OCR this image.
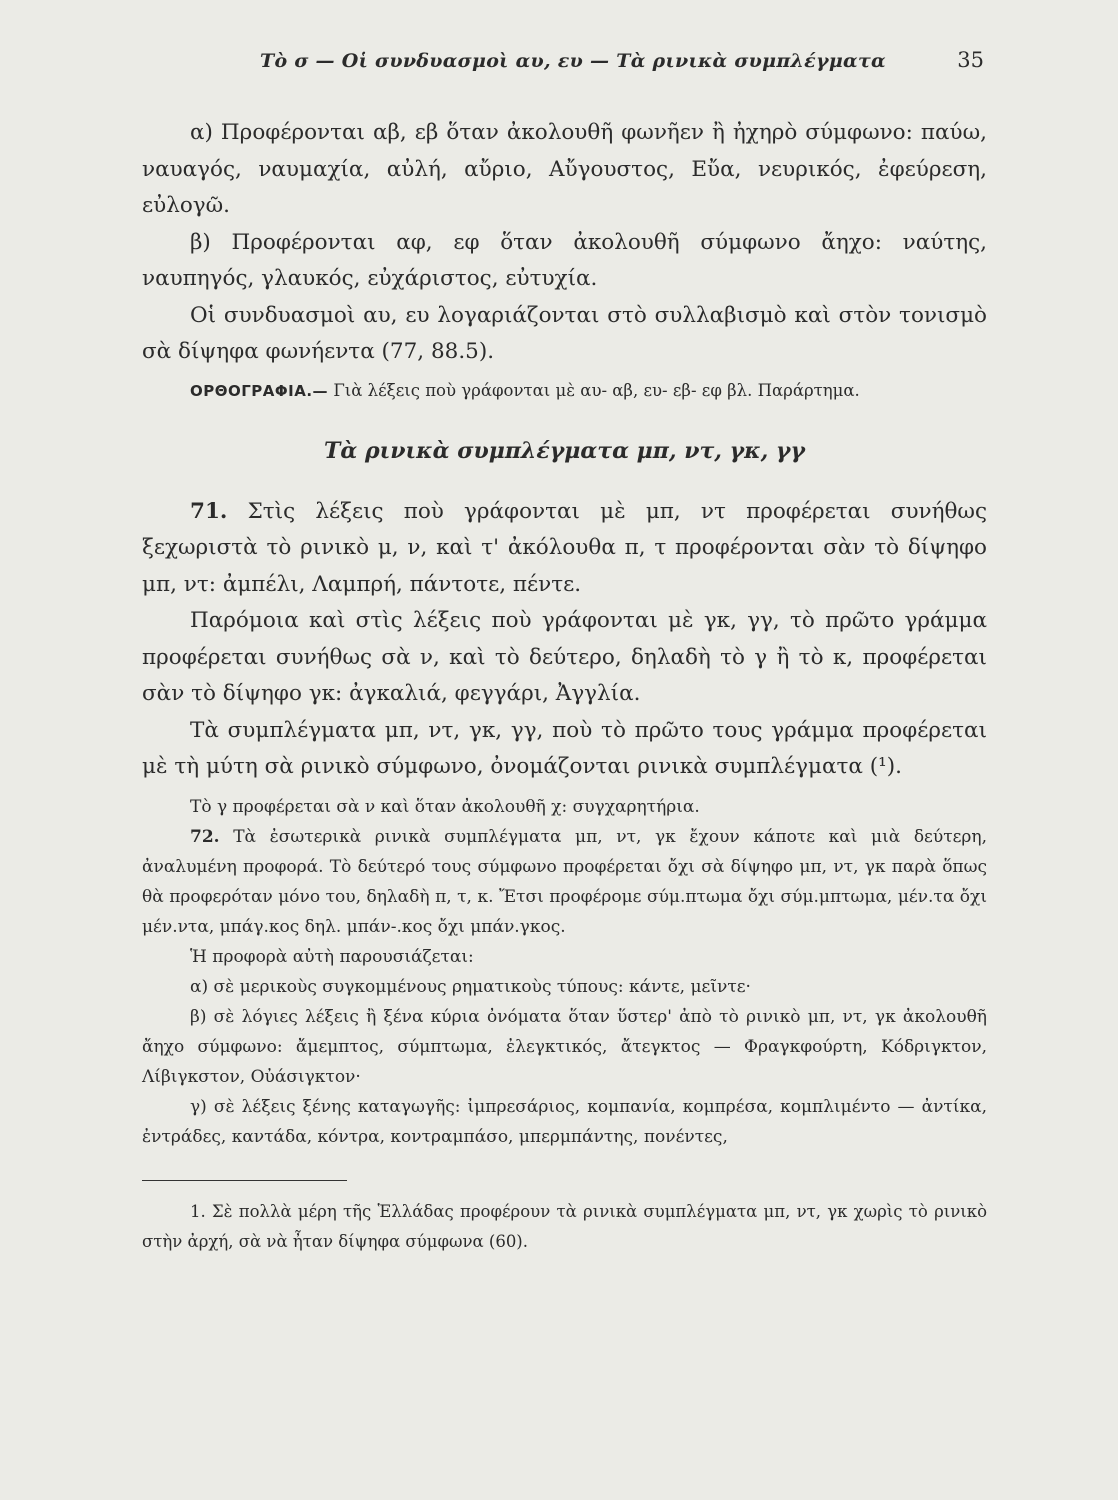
Τὸ σ — Οἱ συνδυασμοὶ αυ, ευ — Τὰ ρινικὰ συμπλέγματα	35

α) Προφέρονται αβ, εβ ὅταν ἀκολουθῆ φωνῆεν ἢ ἠχηρὸ σύμφωνο: παύω, ναυαγός, ναυμαχία, αὐλή, αὔριο, Αὔγουστος, Εὔα, νευρικός, ἐφεύρεση, εὐλογῶ.

β) Προφέρονται αφ, εφ ὅταν ἀκολουθῆ σύμφωνο ἄηχο: ναύτης, ναυπηγός, γλαυκός, εὐχάριστος, εὐτυχία.

Οἱ συνδυασμοὶ αυ, ευ λογαριάζονται στὸ συλλαβισμὸ καὶ στὸν τονισμὸ σὰ δίψηφα φωνήεντα (77, 88.5).

ΟΡΘΟΓΡΑΦΙΑ.— Γιὰ λέξεις ποὺ γράφονται μὲ αυ- αβ, ευ- εβ- εφ βλ. Παράρτημα.

Τὰ ρινικὰ συμπλέγματα μπ, ντ, γκ, γγ

71. Στὶς λέξεις ποὺ γράφονται μὲ μπ, ντ προφέρεται συνήθως ξεχωριστὰ τὸ ρινικὸ μ, ν, καὶ τ' ἀκόλουθα π, τ προφέρονται σὰν τὸ δίψηφο μπ, ντ: ἀμπέλι, Λαμπρή, πάντοτε, πέντε.

Παρόμοια καὶ στὶς λέξεις ποὺ γράφονται μὲ γκ, γγ, τὸ πρῶτο γράμμα προφέρεται συνήθως σὰ ν, καὶ τὸ δεύτερο, δηλαδὴ τὸ γ ἢ τὸ κ, προφέρεται σὰν τὸ δίψηφο γκ: ἀγκαλιά, φεγγάρι, Ἀγγλία.

Τὰ συμπλέγματα μπ, ντ, γκ, γγ, ποὺ τὸ πρῶτο τους γράμμα προφέρεται μὲ τὴ μύτη σὰ ρινικὸ σύμφωνο, ὀνομάζονται ρινικὰ συμπλέγματα (¹).

Τὸ γ προφέρεται σὰ ν καὶ ὅταν ἀκολουθῆ χ: συγχαρητήρια.

72. Τὰ ἐσωτερικὰ ρινικὰ συμπλέγματα μπ, ντ, γκ ἔχουν κάποτε καὶ μιὰ δεύτερη, ἀναλυμένη προφορά. Τὸ δεύτερό τους σύμφωνο προφέρεται ὄχι σὰ δίψηφο μπ, ντ, γκ παρὰ ὅπως θὰ προφερόταν μόνο του, δηλαδὴ π, τ, κ. Ἔτσι προφέρομε σύμ.πτωμα ὄχι σύμ.μπτωμα, μέν.τα ὄχι μέν.ντα, μπάγ.κος δηλ. μπάν-.κος ὄχι μπάν.γκος.

Ἡ προφορὰ αὐτὴ παρουσιάζεται:

α) σὲ μερικοὺς συγκομμένους ρηματικοὺς τύπους: κάντε, μεῖντε·

β) σὲ λόγιες λέξεις ἢ ξένα κύρια ὀνόματα ὅταν ὕστερ' ἀπὸ τὸ ρινικὸ μπ, ντ, γκ ἀκολουθῆ ἄηχο σύμφωνο: ἄμεμπτος, σύμπτωμα, ἐλεγκτικός, ἄτεγκτος — Φραγκφούρτη, Κόδριγκτον, Λίβιγκστον, Οὐάσιγκτον·

γ) σὲ λέξεις ξένης καταγωγῆς: ἰμπρεσάριος, κομπανία, κομπρέσα, κομπλιμέντο — ἀντίκα, ἐντράδες, καντάδα, κόντρα, κοντραμπάσο, μπερμπάντης, πονέντες,

1. Σὲ πολλὰ μέρη τῆς Ἑλλάδας προφέρουν τὰ ρινικὰ συμπλέγματα μπ, ντ, γκ χωρὶς τὸ ρινικὸ στὴν ἀρχή, σὰ νὰ ἦταν δίψηφα σύμφωνα (60).
